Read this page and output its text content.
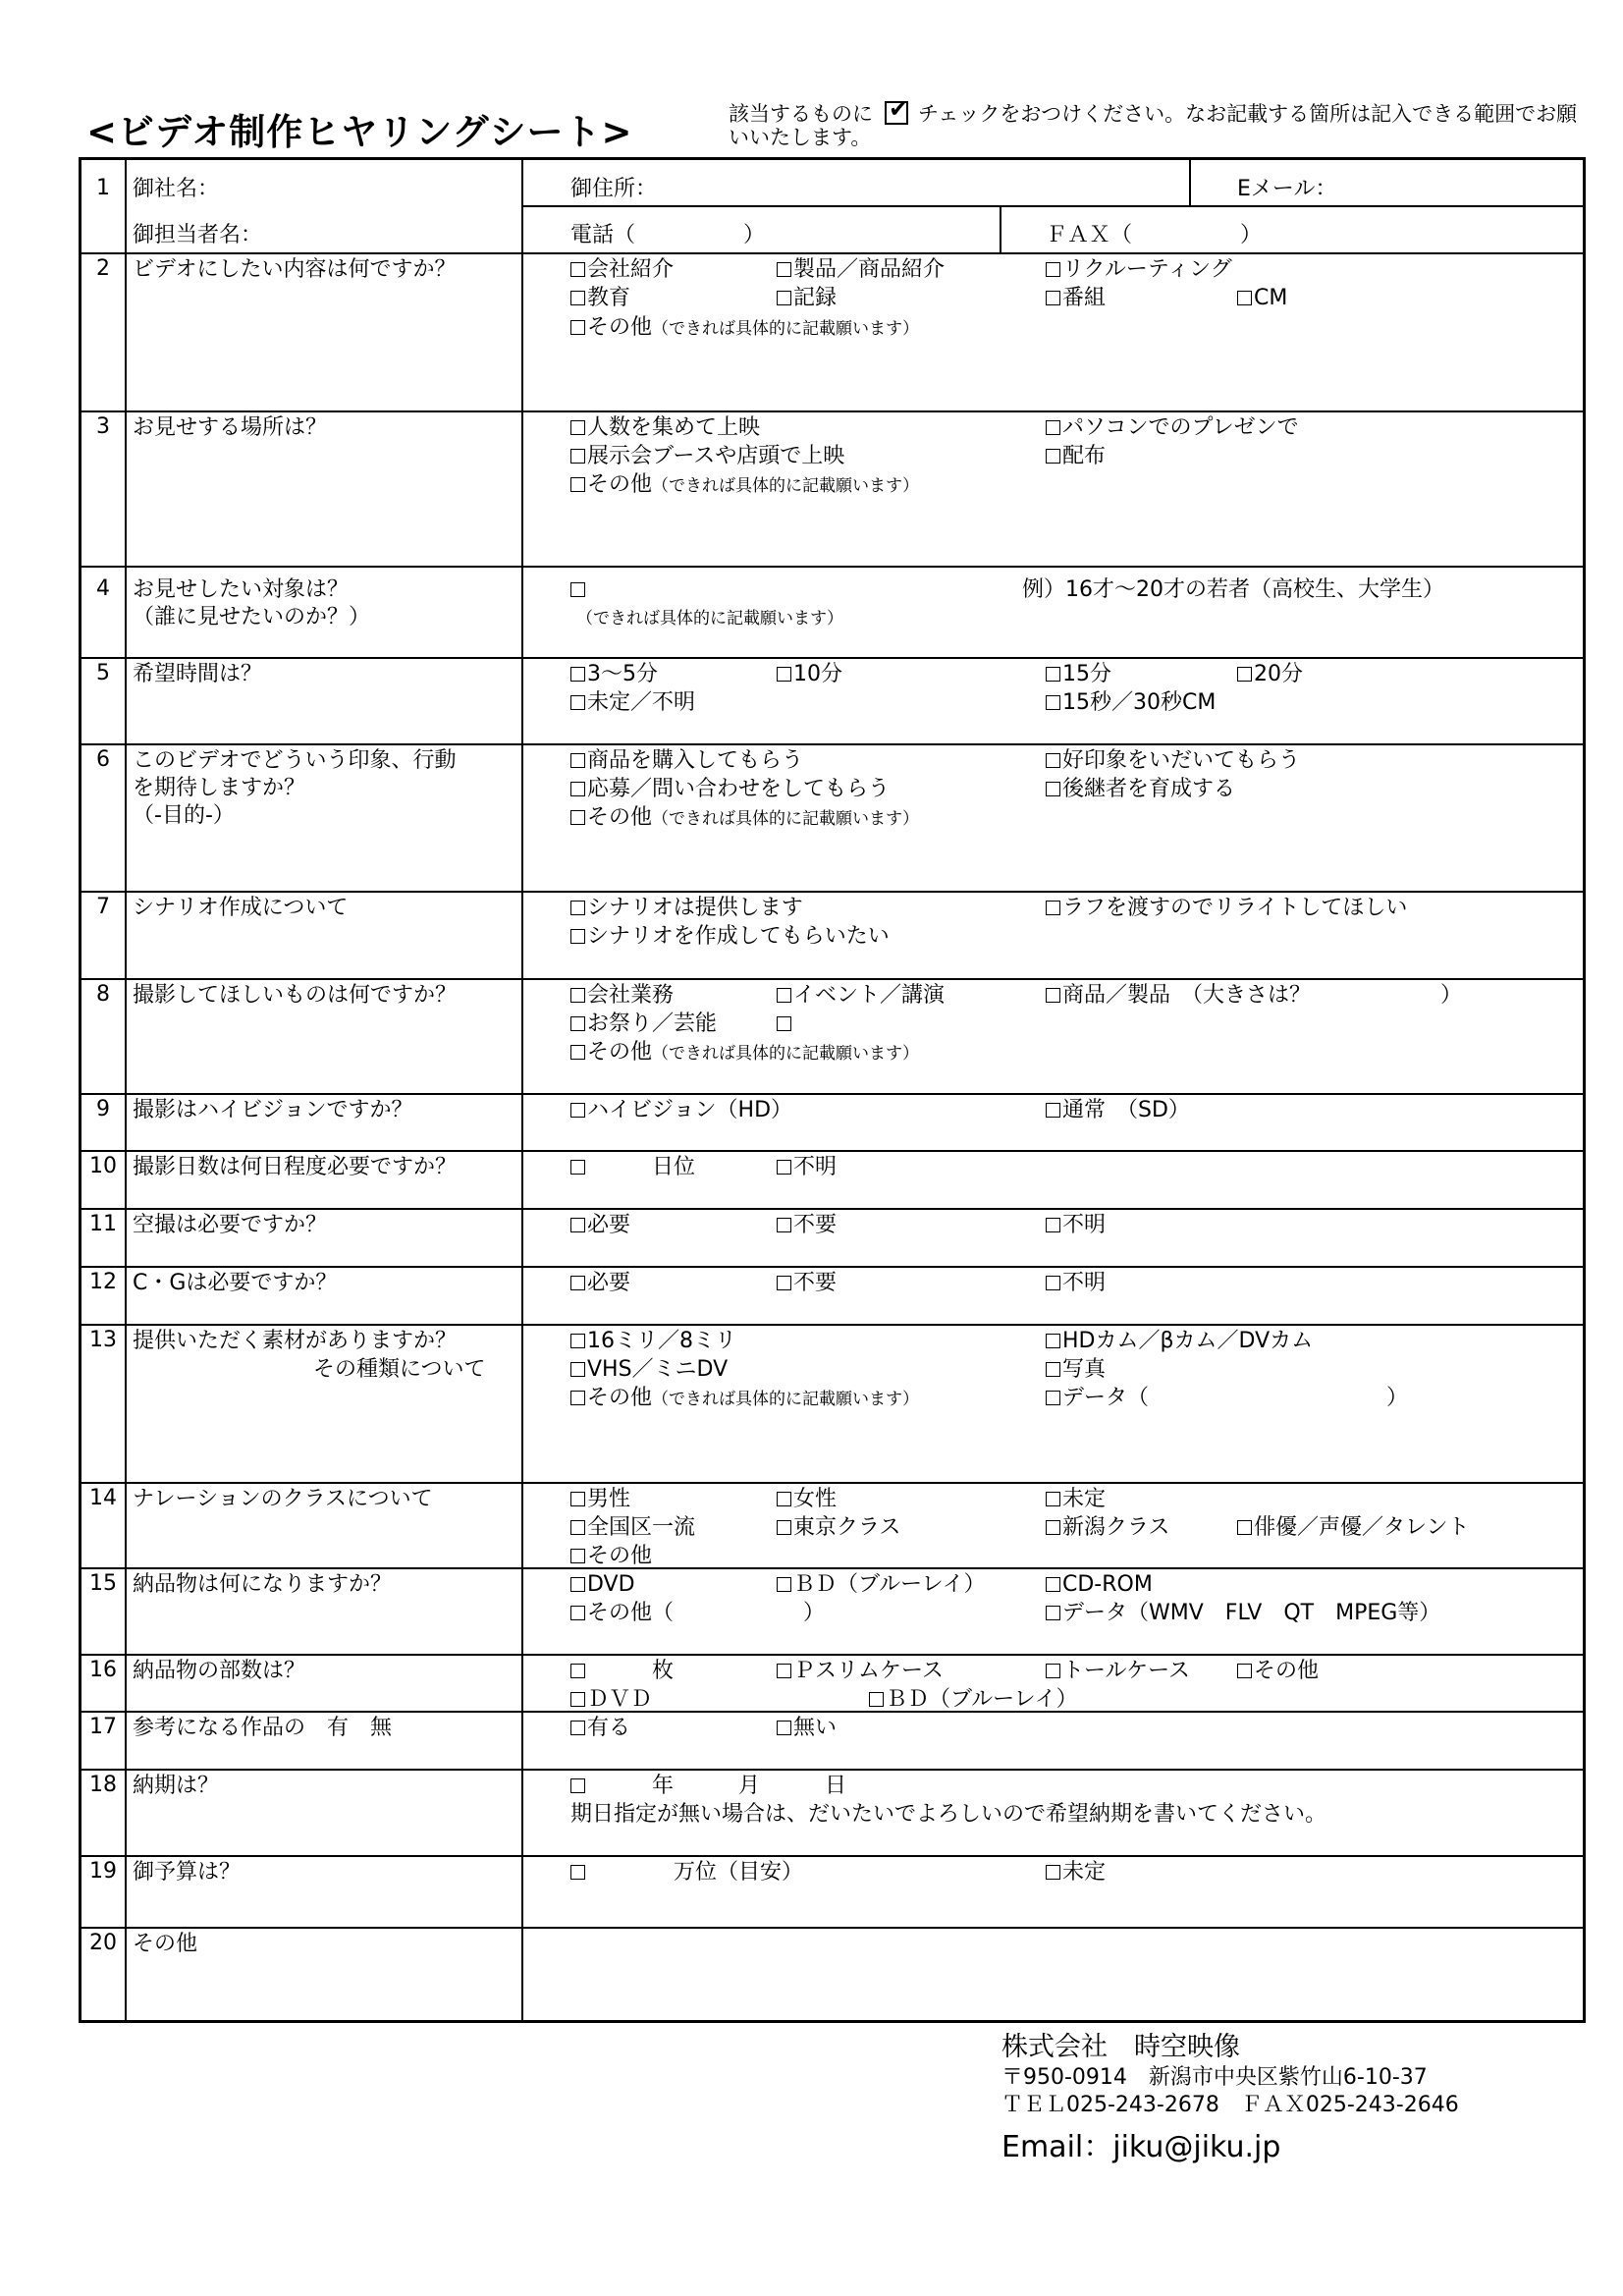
<ビデオ制作ヒヤリングシート>	該当するものに✔ チェックをおつけください。なお記載する箇所は記入できる範囲でお願いいたします。
1	御社名：	御住所：	Eメール：
御担当者名：	電話（　　　　　）	ＦＡＸ（　　　　　）
2	ビデオにしたい内容は何ですか？	会社紹介	製品／商品紹介	リクルーティング
教育	記録	番組	CM
その他（できれば具体的に記載願います）
3	お見せする場所は？	人数を集めて上映	パソコンでのプレゼンで
展示会ブースや店頭で上映	配布
その他（できれば具体的に記載願います）
4	お見せしたい対象は？
（誰に見せたいのか？）
例）16才〜20才の若者（高校生、大学生）
（できれば具体的に記載願います）
5	希望時間は？	3〜5分	10分	15分	20分
未定／不明	15秒／30秒CM
6	このビデオでどういう印象、行動
を期待しますか？
（-目的-）
商品を購入してもらう	好印象をいだいてもらう
応募／問い合わせをしてもらう	後継者を育成する
その他（できれば具体的に記載願います）
7	シナリオ作成について	シナリオは提供します	ラフを渡すのでリライトしてほしい
シナリオを作成してもらいたい
8	撮影してほしいものは何ですか？	会社業務	イベント／講演	商品／製品　（大きさは？　　　　　　）
お祭り／芸能
その他（できれば具体的に記載願います）
9	撮影はハイビジョンですか？	ハイビジョン（HD）	通常　（SD）
10 撮影日数は何日程度必要ですか？	　　　日位	不明
11 空撮は必要ですか？	必要	不要	不明
12 C・Gは必要ですか？	必要	不要	不明
13 提供いただく素材がありますか？
その種類について
16ミリ／8ミリ	HDカム／βカム／DVカム
VHS／ミニDV	写真
その他（できれば具体的に記載願います）	データ（　　　　　　　　　　　）
14 ナレーションのクラスについて	男性	女性	未定
全国区一流	東京クラス	新潟クラス	俳優／声優／タレント
その他
15 納品物は何になりますか？	DVD	ＢＤ（ブルーレイ）	CD-ROM
その他（　　　　　　）	データ（WMV　FLV　QT　MPEG等）
16 納品物の部数は？	　　　枚	Ｐスリムケース	トールケース	その他
ＤＶＤ	ＢＤ（ブルーレイ）
17 参考になる作品の　有　無	有る	無い
18 納期は？	　　　年　　　月　　　日
期日指定が無い場合は、だいたいでよろしいので希望納期を書いてください。
19 御予算は？	　　　　万位（目安）	未定
20 その他
株式会社　時空映像
〒950-0914　新潟市中央区紫竹山6-10-37
ＴＥＬ025-243-2678　ＦＡＸ025-243-2646
Email：jiku@jiku.jp
